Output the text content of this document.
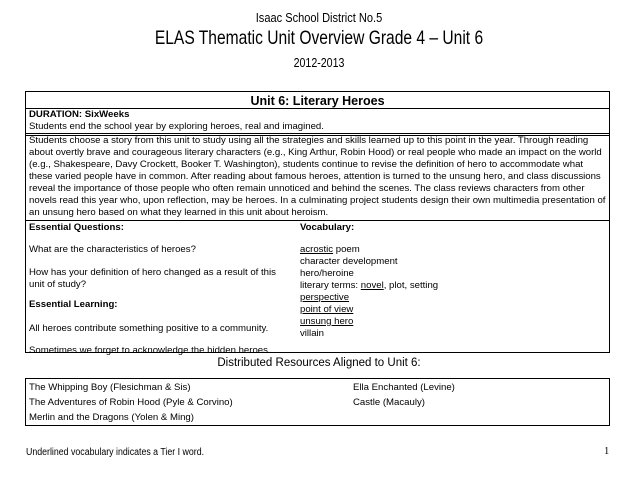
Isaac School District No.5
ELAS Thematic Unit Overview Grade 4 – Unit 6
2012-2013
Unit 6: Literary Heroes
DURATION: SixWeeks
Students end the school year by exploring heroes, real and imagined.
Students choose a story from this unit to study using all the strategies and skills learned up to this point in the year. Through reading
about overtly brave and courageous literary characters (e.g., King Arthur, Robin Hood) or real people who made an impact on the world
(e.g., Shakespeare, Davy Crockett, Booker T. Washington), students continue to revise the definition of hero to accommodate what
these varied people have in common. After reading about famous heroes, attention is turned to the unsung hero, and class discussions
reveal the importance of those people who often remain unnoticed and behind the scenes. The class reviews characters from other
novels read this year who, upon reflection, may be heroes. In a culminating project students design their own multimedia presentation of
an unsung hero based on what they learned in this unit about heroism.
Essential Questions:
What are the characteristics of heroes?
How has your definition of hero changed as a result of this
unit of study?
Essential Learning:
All heroes contribute something positive to a community.
Sometimes we forget to acknowledge the hidden heroes.
Vocabulary:
acrostic poem
character development
hero/heroine
literary terms: novel, plot, setting
perspective
point of view
unsung hero
villain
Distributed Resources Aligned to Unit 6:
The Whipping Boy (Flesichman & Sis)
The Adventures of Robin Hood (Pyle & Corvino)
Merlin and the Dragons (Yolen & Ming)
Ella Enchanted (Levine)
Castle (Macauly)
Underlined vocabulary indicates a Tier I word.	1
